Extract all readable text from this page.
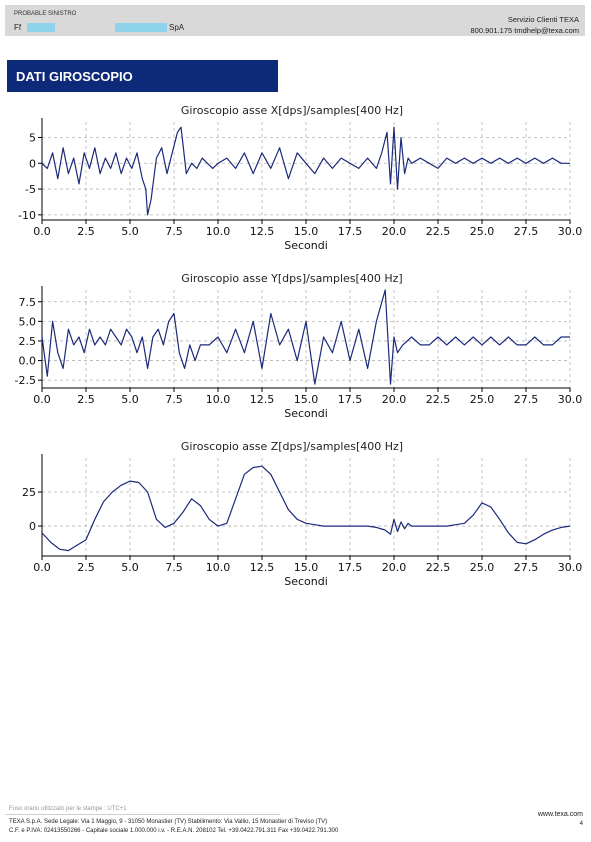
PROBABLE SINISTRO
Ff	SpA
Servizio Clienti TEXA
800.901.175 tmdhelp@texa.com
DATI GIROSCOPIO
Giroscopio asse X[dps]/samples[400 Hz]
0.0 2.5 5.0 7.5 10.0 12.5 15.0 17.5 20.0 22.5 25.0 27.5 30.0
5
0
-5
-10
Secondi
Giroscopio asse Y[dps]/samples[400 Hz]
0.0 2.5 5.0 7.5 10.0 12.5 15.0 17.5 20.0 22.5 25.0 27.5 30.0
7.5
5.0
2.5
0.0
-2.5
Secondi
Giroscopio asse Z[dps]/samples[400 Hz]
0.0 2.5 5.0 7.5 10.0 12.5 15.0 17.5 20.0 22.5 25.0 27.5 30.0
25
0
Secondi
Fuso orario utilizzato per le stampe : UTC+1
TEXA S.p.A. Sede Legale: Via 1 Maggio, 9 - 31050 Monastier (TV) Stabilimento: Via Vallio, 15 Monastier di Treviso (TV)
C.F. e P.IVA: 02413550266 - Capitale sociale 1.000.000 i.v. - R.E.A.N. 208102 Tel. +39.0422.791.311 Fax +39.0422.791.300
www.texa.com
4
